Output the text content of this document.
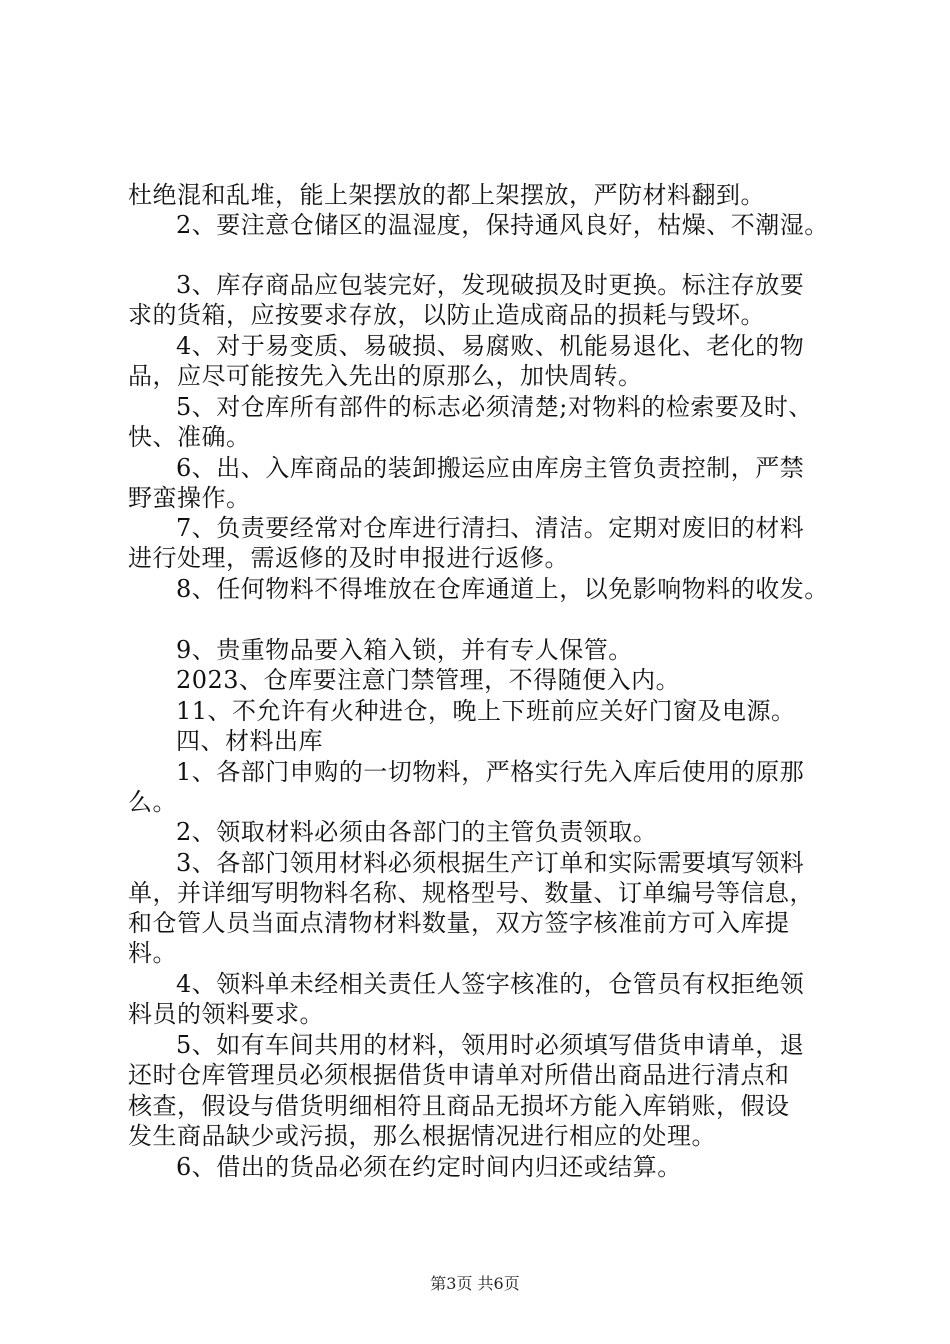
杜绝混和乱堆，能上架摆放的都上架摆放，严防材料翻到。
2、要注意仓储区的温湿度，保持通风良好，枯燥、不潮湿。
3、库存商品应包装完好，发现破损及时更换。标注存放要
求的货箱，应按要求存放，以防止造成商品的损耗与毁坏。
4、对于易变质、易破损、易腐败、机能易退化、老化的物
品，应尽可能按先入先出的原那么，加快周转。
5、对仓库所有部件的标志必须清楚;对物料的检索要及时、
快、准确。
6、出、入库商品的装卸搬运应由库房主管负责控制，严禁
野蛮操作。
7、负责要经常对仓库进行清扫、清洁。定期对废旧的材料
进行处理，需返修的及时申报进行返修。
8、任何物料不得堆放在仓库通道上，以免影响物料的收发。
9、贵重物品要入箱入锁，并有专人保管。
2023、仓库要注意门禁管理，不得随便入内。
11、不允许有火种进仓，晚上下班前应关好门窗及电源。
四、材料出库
1、各部门申购的一切物料，严格实行先入库后使用的原那
么。
2、领取材料必须由各部门的主管负责领取。
3、各部门领用材料必须根据生产订单和实际需要填写领料
单，并详细写明物料名称、规格型号、数量、订单编号等信息，
和仓管人员当面点清物材料数量，双方签字核准前方可入库提
料。
4、领料单未经相关责任人签字核准的，仓管员有权拒绝领
料员的领料要求。
5、如有车间共用的材料，领用时必须填写借货申请单，退
还时仓库管理员必须根据借货申请单对所借出商品进行清点和
核查，假设与借货明细相符且商品无损坏方能入库销账，假设
发生商品缺少或污损，那么根据情况进行相应的处理。
6、借出的货品必须在约定时间内归还或结算。
第3页 共6页
